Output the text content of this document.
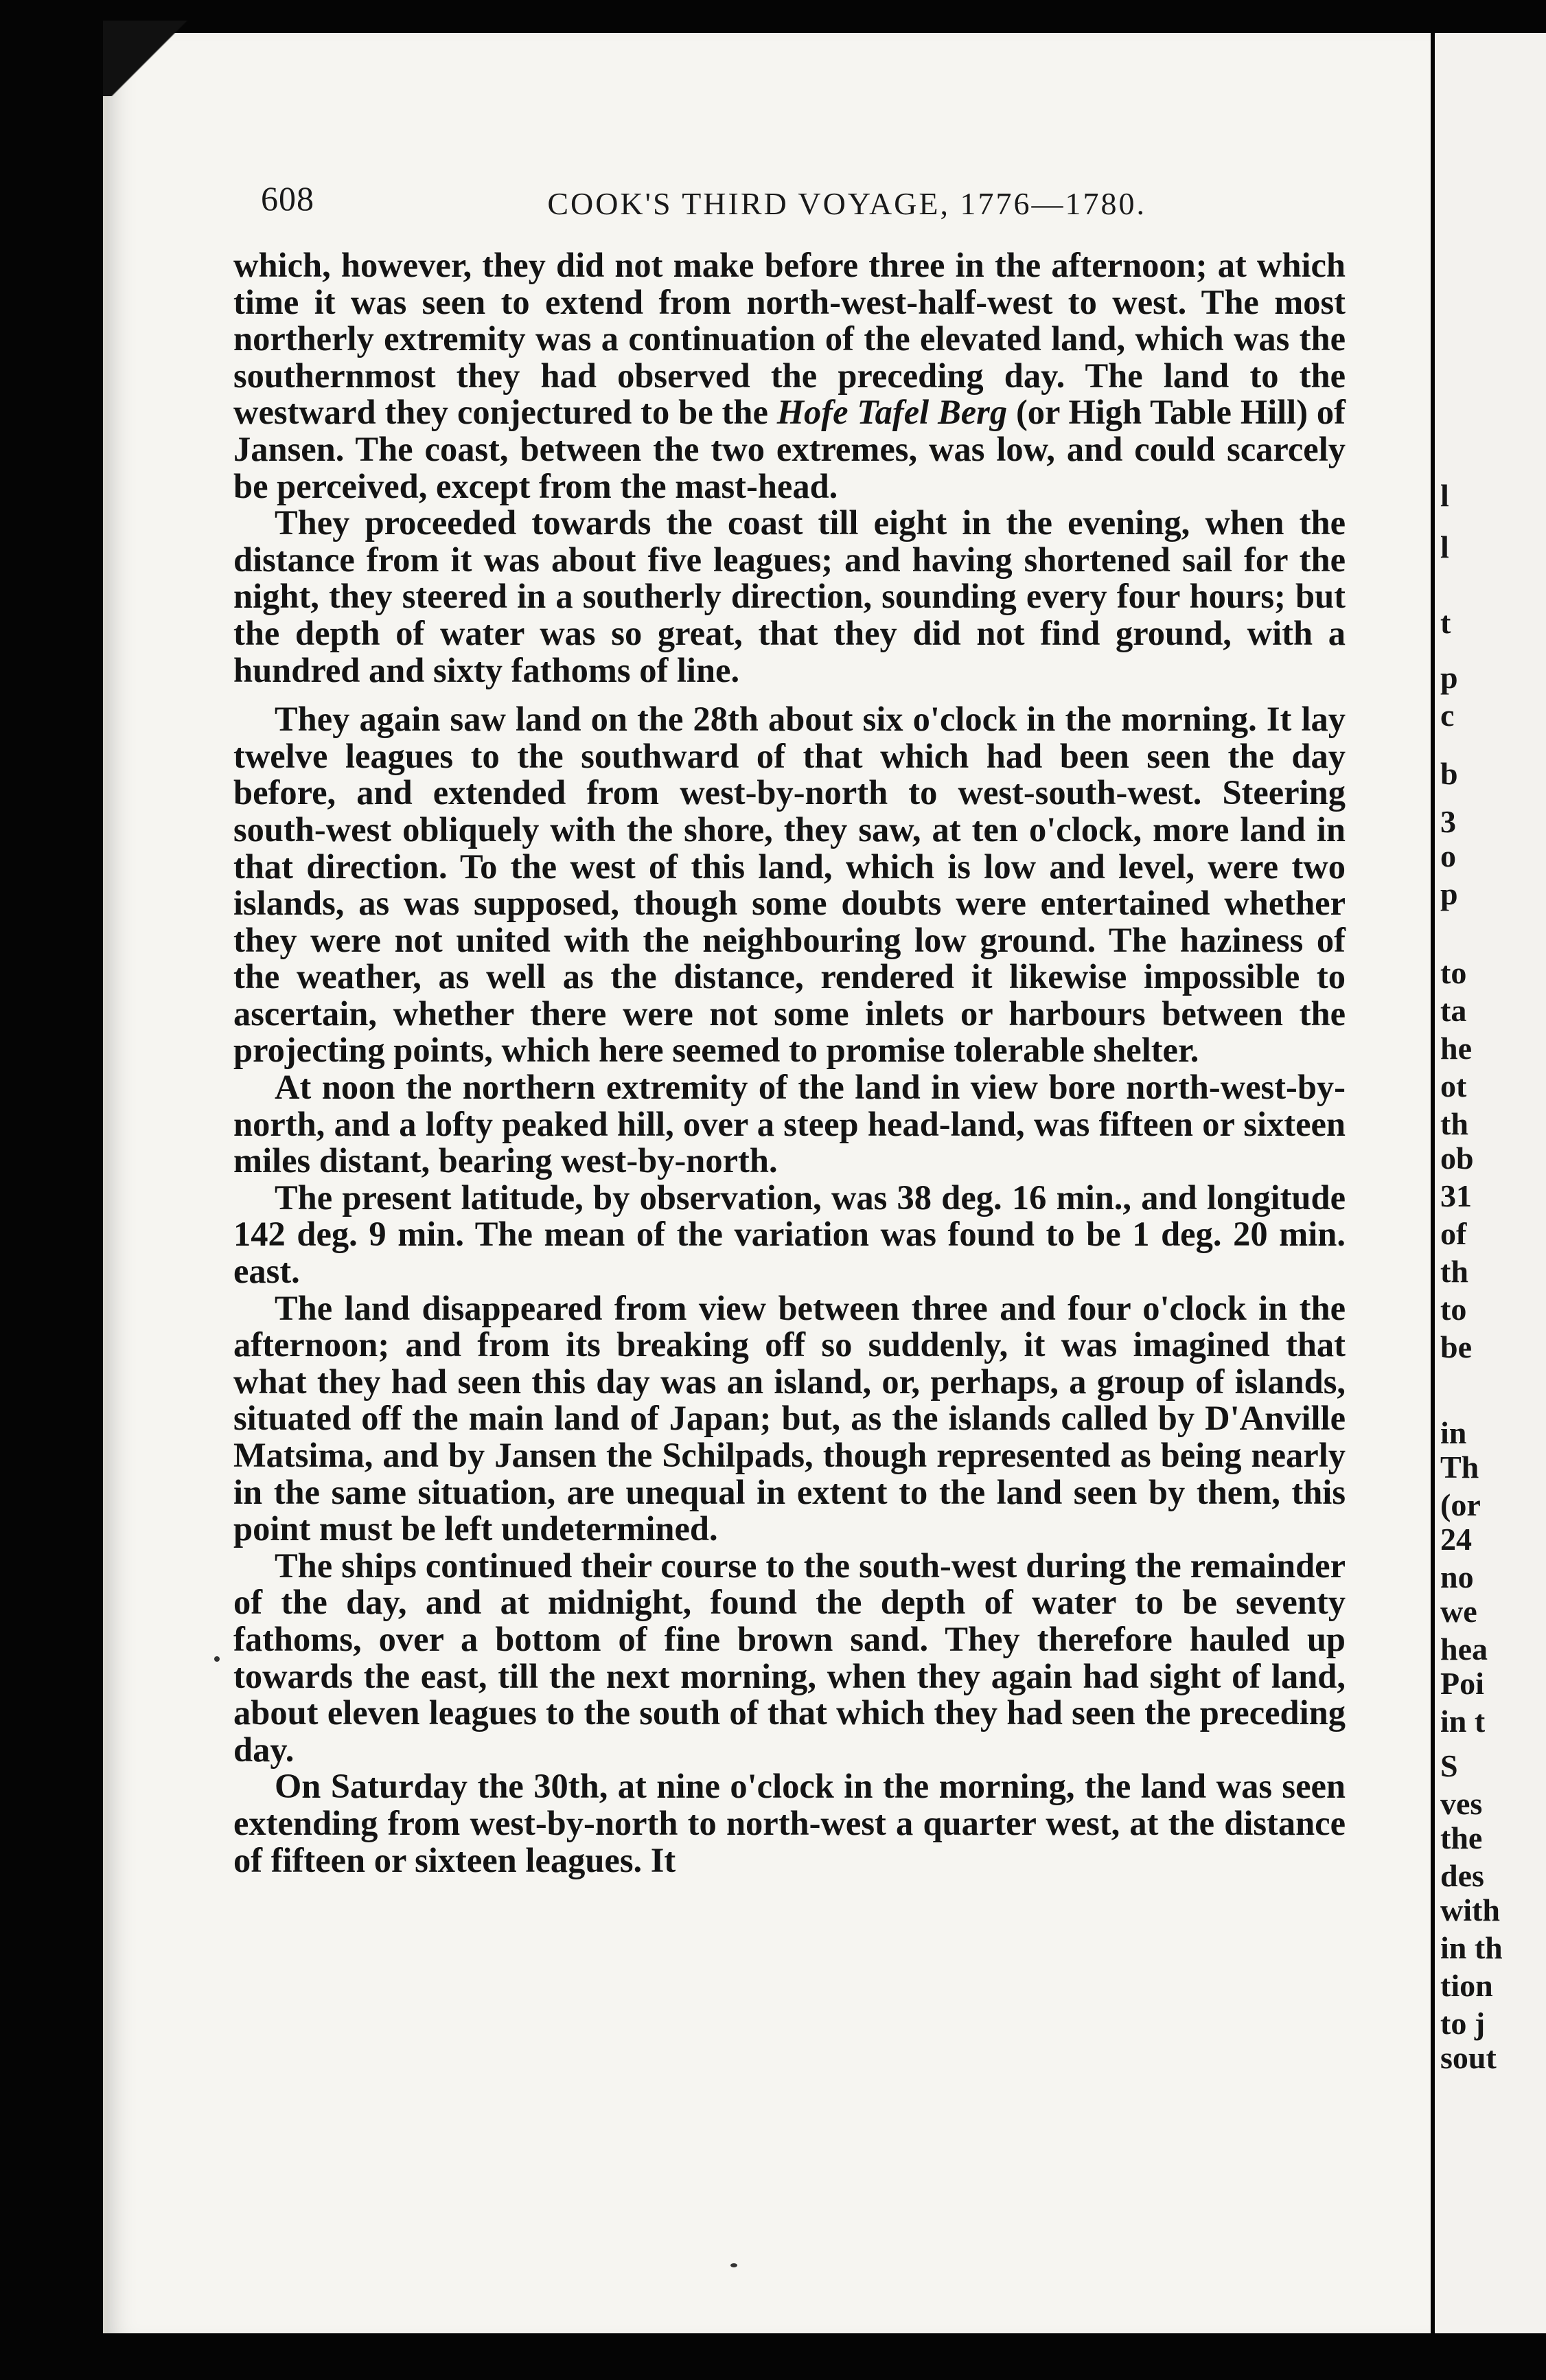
608	COOK'S THIRD VOYAGE, 1776—1780.

which, however, they did not make before three in the afternoon; at which time it was seen to extend from north-west-half-west to west. The most northerly extremity was a continuation of the elevated land, which was the southernmost they had observed the preceding day. The land to the westward they conjectured to be the Hofe Tafel Berg (or High Table Hill) of Jansen. The coast, between the two extremes, was low, and could scarcely be perceived, except from the mast-head.

They proceeded towards the coast till eight in the evening, when the distance from it was about five leagues; and having shortened sail for the night, they steered in a southerly direction, sounding every four hours; but the depth of water was so great, that they did not find ground, with a hundred and sixty fathoms of line.

They again saw land on the 28th about six o'clock in the morning. It lay twelve leagues to the southward of that which had been seen the day before, and extended from west-by-north to west-south-west. Steering south-west obliquely with the shore, they saw, at ten o'clock, more land in that direction. To the west of this land, which is low and level, were two islands, as was supposed, though some doubts were entertained whether they were not united with the neighbouring low ground. The haziness of the weather, as well as the distance, rendered it likewise impossible to ascertain, whether there were not some inlets or harbours between the projecting points, which here seemed to promise tolerable shelter.

At noon the northern extremity of the land in view bore north-west-by-north, and a lofty peaked hill, over a steep head-land, was fifteen or sixteen miles distant, bearing west-by-north.

The present latitude, by observation, was 38 deg. 16 min., and longitude 142 deg. 9 min. The mean of the variation was found to be 1 deg. 20 min. east.

The land disappeared from view between three and four o'clock in the afternoon; and from its breaking off so suddenly, it was imagined that what they had seen this day was an island, or, perhaps, a group of islands, situated off the main land of Japan; but, as the islands called by D'Anville Matsima, and by Jansen the Schilpads, though represented as being nearly in the same situation, are unequal in extent to the land seen by them, this point must be left undetermined.

The ships continued their course to the south-west during the remainder of the day, and at midnight, found the depth of water to be seventy fathoms, over a bottom of fine brown sand. They therefore hauled up towards the east, till the next morning, when they again had sight of land, about eleven leagues to the south of that which they had seen the preceding day.

On Saturday the 30th, at nine o'clock in the morning, the land was seen extending from west-by-north to north-west a quarter west, at the distance of fifteen or sixteen leagues. It

l
l
t
p
c
b
3
o
p
to
ta
he
ot
th
ob
31
of
th
to
be
in
Th
(or
24
no
we
hea
Poi
in t
S
ves
the
des
with
in th
tion
to j
sout
